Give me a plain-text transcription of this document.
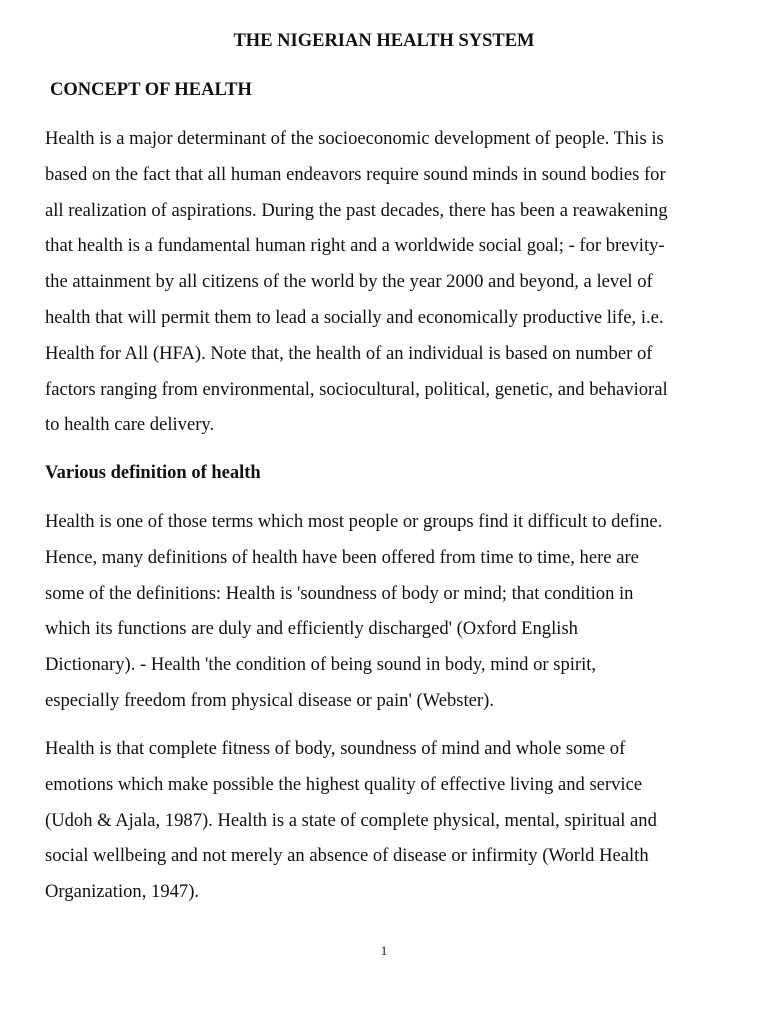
THE NIGERIAN HEALTH SYSTEM
CONCEPT OF HEALTH

Health is a major determinant of the socioeconomic development of people. This is
based on the fact that all human endeavors require sound minds in sound bodies for
all realization of aspirations. During the past decades, there has been a reawakening
that health is a fundamental human right and a worldwide social goal; - for brevity-
the attainment by all citizens of the world by the year 2000 and beyond, a level of
health that will permit them to lead a socially and economically productive life, i.e.
Health for All (HFA). Note that, the health of an individual is based on number of
factors ranging from environmental, sociocultural, political, genetic, and behavioral
to health care delivery.

Various definition of health

Health is one of those terms which most people or groups find it difficult to define.
Hence, many definitions of health have been offered from time to time, here are
some of the definitions: Health is 'soundness of body or mind; that condition in
which its functions are duly and efficiently discharged' (Oxford English
Dictionary). - Health 'the condition of being sound in body, mind or spirit,
especially freedom from physical disease or pain' (Webster).

Health is that complete fitness of body, soundness of mind and whole some of
emotions which make possible the highest quality of effective living and service
(Udoh & Ajala, 1987). Health is a state of complete physical, mental, spiritual and
social wellbeing and not merely an absence of disease or infirmity (World Health
Organization, 1947).

1
